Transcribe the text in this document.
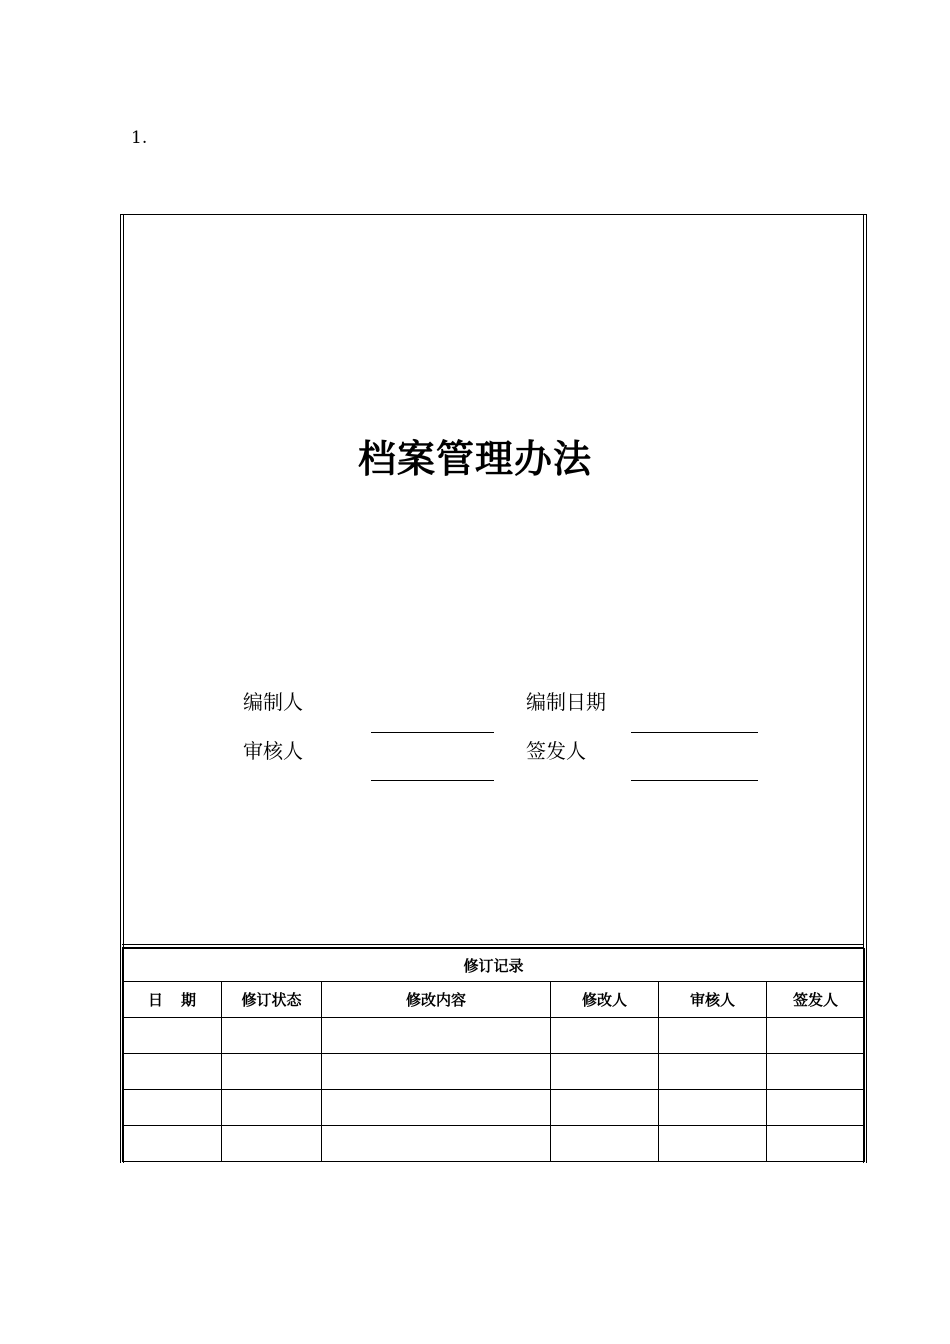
1.
档案管理办法
编制人	编制日期
审核人	签发人
修订记录					
日期	修订状态	修改内容	修改人	审核人	签发人
